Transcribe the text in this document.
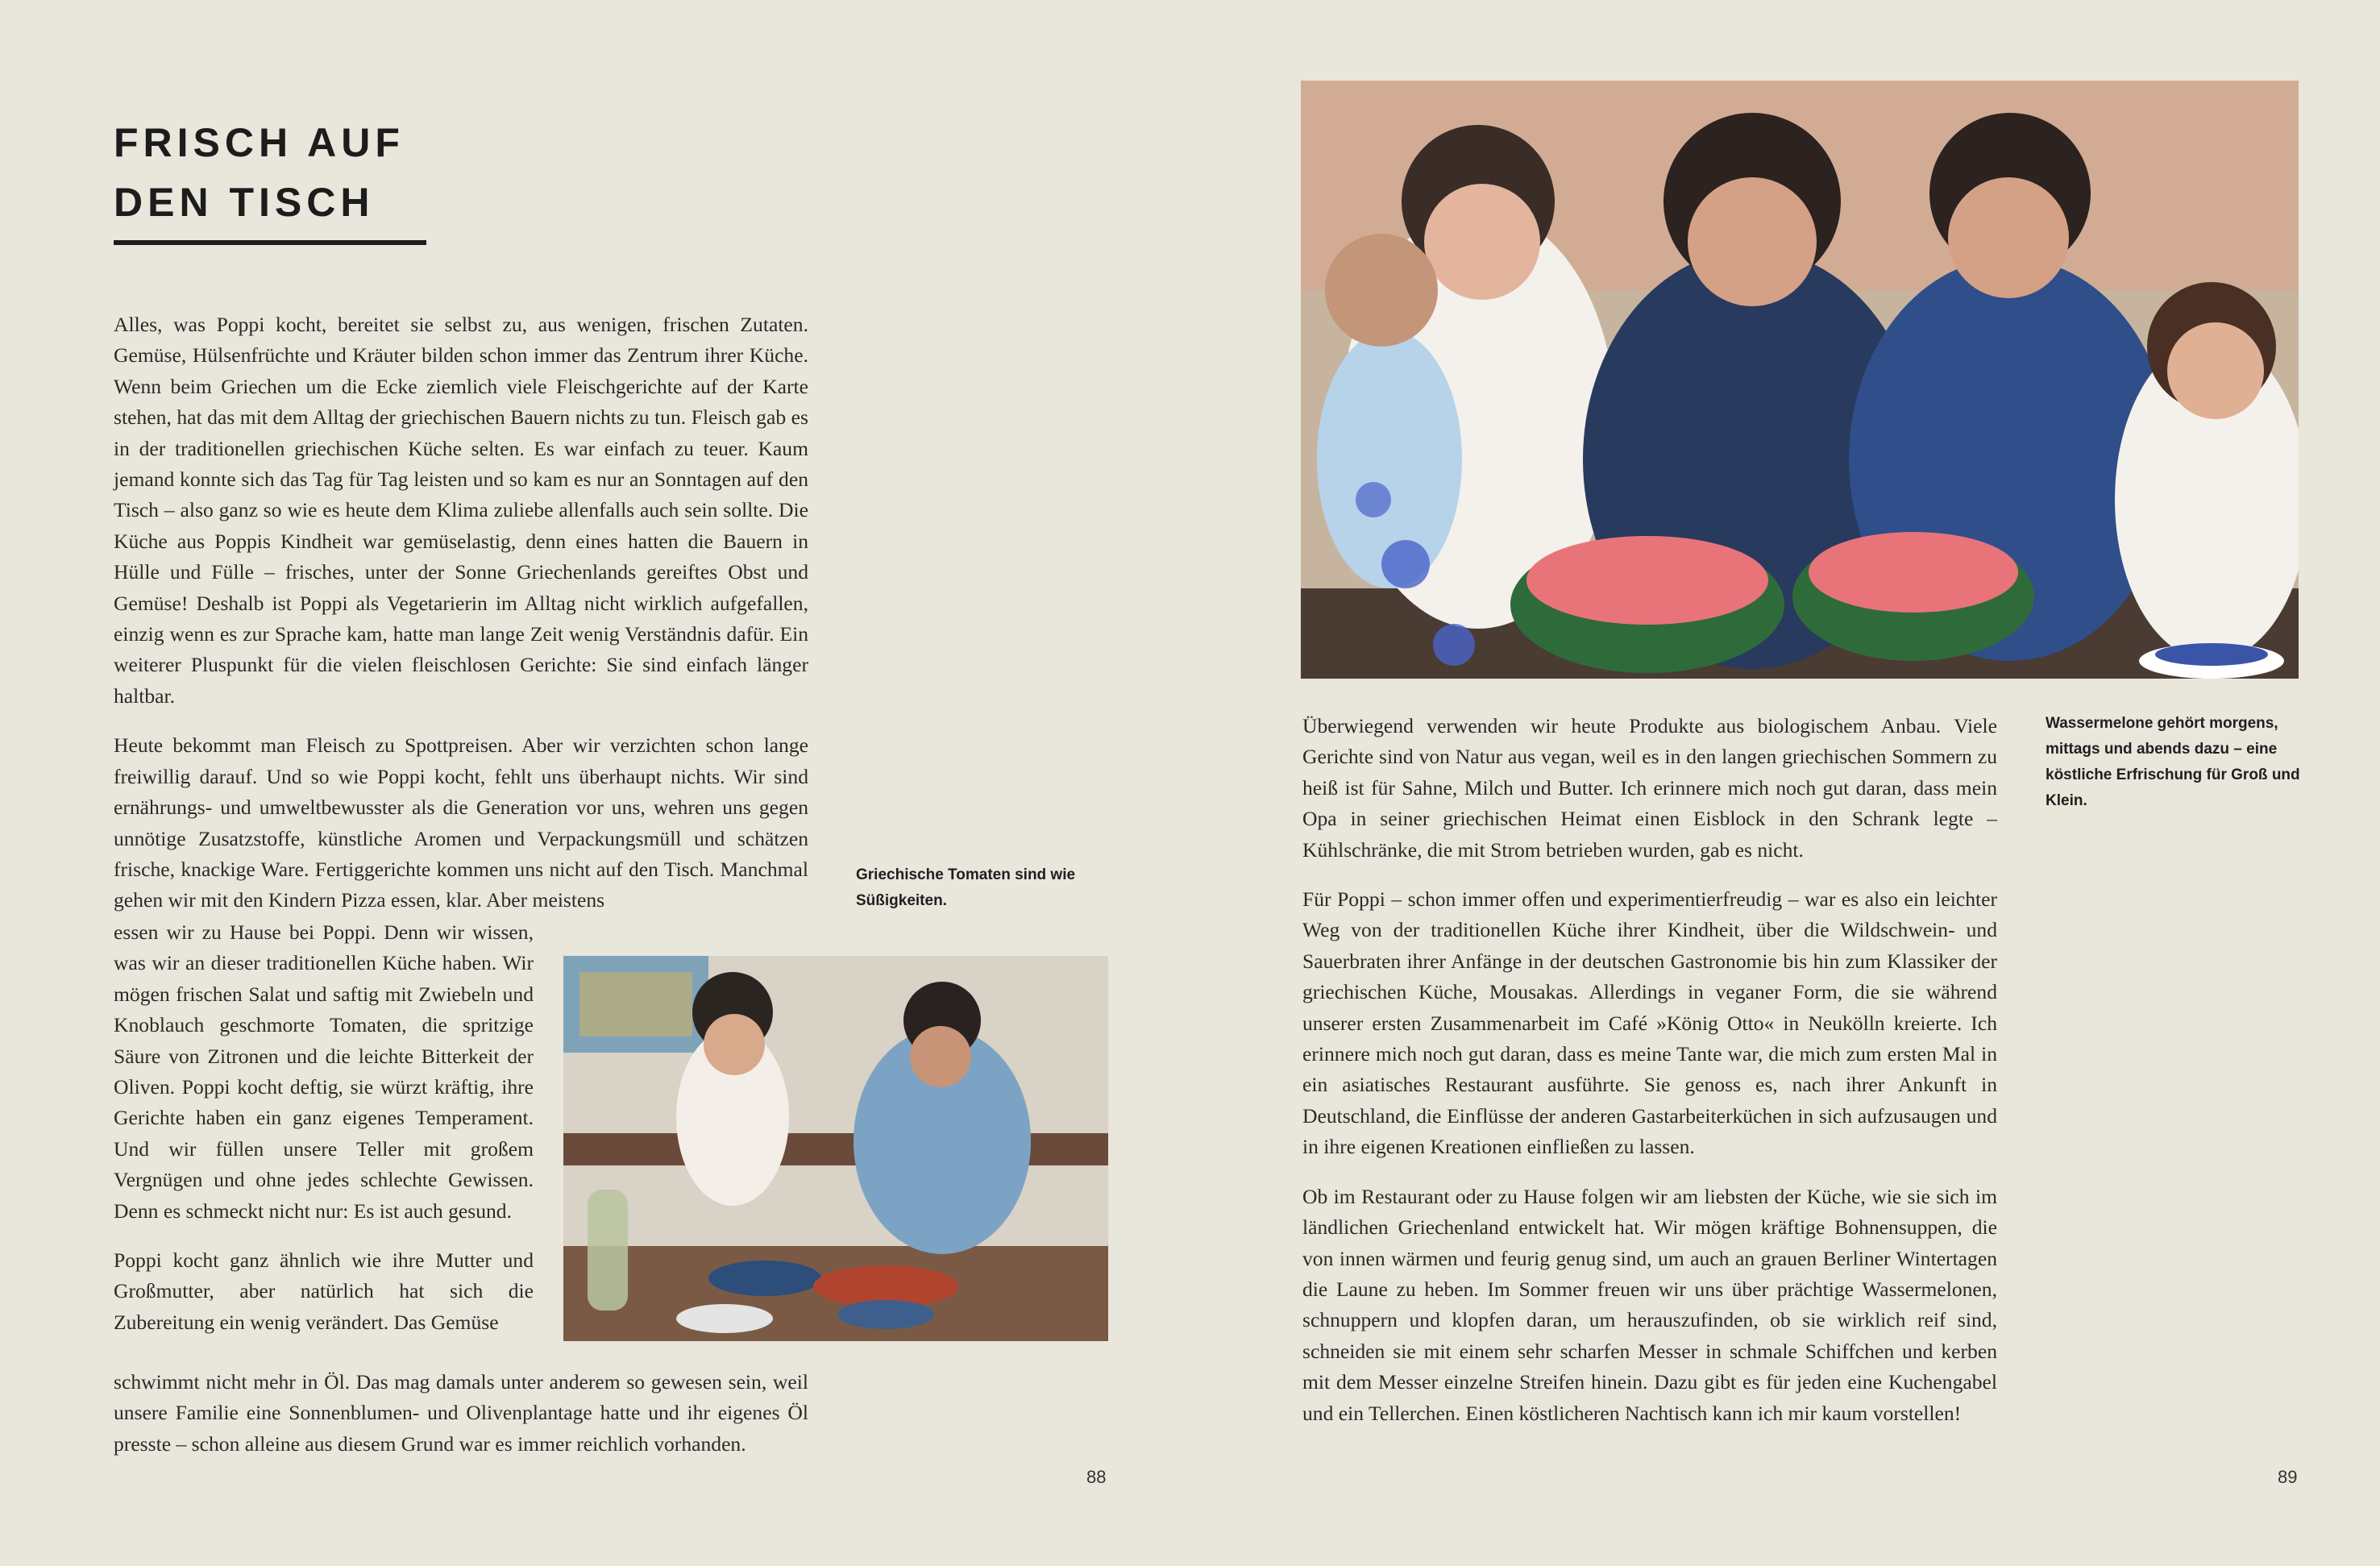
FRISCH AUF
DEN TISCH

Alles, was Poppi kocht, bereitet sie selbst zu, aus wenigen, frischen Zutaten. Gemüse, Hülsenfrüchte und Kräuter bilden schon immer das Zentrum ihrer Küche. Wenn beim Griechen um die Ecke ziemlich viele Fleischgerichte auf der Karte stehen, hat das mit dem Alltag der griechischen Bauern nichts zu tun. Fleisch gab es in der traditionellen griechischen Küche selten. Es war einfach zu teuer. Kaum jemand konnte sich das Tag für Tag leisten und so kam es nur an Sonntagen auf den Tisch – also ganz so wie es heute dem Klima zuliebe allenfalls auch sein sollte. Die Küche aus Poppis Kindheit war gemüselastig, denn eines hatten die Bauern in Hülle und Fülle – frisches, unter der Sonne Griechenlands gereiftes Obst und Gemüse! Deshalb ist Poppi als Vegetarierin im Alltag nicht wirklich aufgefallen, einzig wenn es zur Sprache kam, hatte man lange Zeit wenig Verständnis dafür. Ein weiterer Pluspunkt für die vielen fleischlosen Gerichte: Sie sind einfach länger haltbar.

Heute bekommt man Fleisch zu Spottpreisen. Aber wir verzichten schon lange freiwillig darauf. Und so wie Poppi kocht, fehlt uns überhaupt nichts. Wir sind ernährungs- und umweltbewusster als die Generation vor uns, wehren uns gegen unnötige Zusatzstoffe, künstliche Aromen und Verpackungsmüll und schätzen frische, knackige Ware. Fertiggerichte kommen uns nicht auf den Tisch. Manchmal gehen wir mit den Kindern Pizza essen, klar. Aber meistens

essen wir zu Hause bei Poppi. Denn wir wissen, was wir an dieser traditionellen Küche haben. Wir mögen frischen Salat und saftig mit Zwiebeln und Knoblauch geschmorte Tomaten, die spritzige Säure von Zitronen und die leichte Bitterkeit der Oliven. Poppi kocht deftig, sie würzt kräftig, ihre Gerichte haben ein ganz eigenes Temperament. Und wir füllen unsere Teller mit großem Vergnügen und ohne jedes schlechte Gewissen. Denn es schmeckt nicht nur: Es ist auch gesund.

Poppi kocht ganz ähnlich wie ihre Mutter und Großmutter, aber natürlich hat sich die Zubereitung ein wenig verändert. Das Gemüse

schwimmt nicht mehr in Öl. Das mag damals unter anderem so gewesen sein, weil unsere Familie eine Sonnenblumen- und Olivenplantage hatte und ihr eigenes Öl presste – schon alleine aus diesem Grund war es immer reichlich vorhanden.

Griechische Tomaten sind wie Süßigkeiten.
88

Überwiegend verwenden wir heute Produkte aus biologischem Anbau. Viele Gerichte sind von Natur aus vegan, weil es in den langen griechischen Sommern zu heiß ist für Sahne, Milch und Butter. Ich erinnere mich noch gut daran, dass mein Opa in seiner griechischen Heimat einen Eisblock in den Schrank legte – Kühlschränke, die mit Strom betrieben wurden, gab es nicht.

Für Poppi – schon immer offen und experimentierfreudig – war es also ein leichter Weg von der traditionellen Küche ihrer Kindheit, über die Wildschwein- und Sauerbraten ihrer Anfänge in der deutschen Gastronomie bis hin zum Klassiker der griechischen Küche, Mousakas. Allerdings in veganer Form, die sie während unserer ersten Zusammenarbeit im Café »König Otto« in Neukölln kreierte. Ich erinnere mich noch gut daran, dass es meine Tante war, die mich zum ersten Mal in ein asiatisches Restaurant ausführte. Sie genoss es, nach ihrer Ankunft in Deutschland, die Einflüsse der anderen Gastarbeiterküchen in sich aufzusaugen und in ihre eigenen Kreationen einfließen zu lassen.

Ob im Restaurant oder zu Hause folgen wir am liebsten der Küche, wie sie sich im ländlichen Griechenland entwickelt hat. Wir mögen kräftige Bohnensuppen, die von innen wärmen und feurig genug sind, um auch an grauen Berliner Wintertagen die Laune zu heben. Im Sommer freuen wir uns über prächtige Wassermelonen, schnuppern und klopfen daran, um herauszufinden, ob sie wirklich reif sind, schneiden sie mit einem sehr scharfen Messer in schmale Schiffchen und kerben mit dem Messer einzelne Streifen hinein. Dazu gibt es für jeden eine Kuchengabel und ein Tellerchen. Einen köstlicheren Nachtisch kann ich mir kaum vorstellen!

Wassermelone gehört morgens, mittags und abends dazu – eine köstliche Erfrischung für Groß und Klein.
89
